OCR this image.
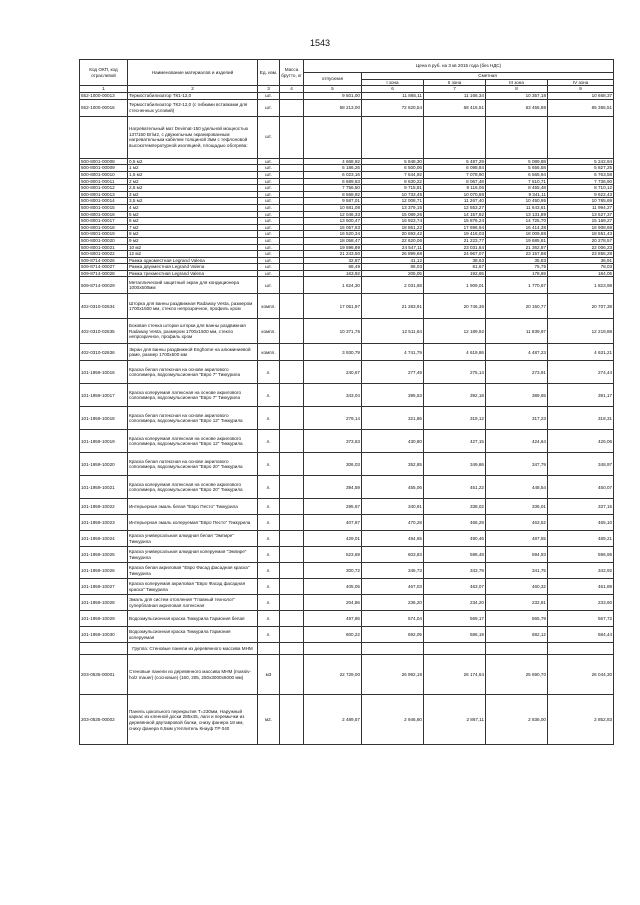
1543
Код ОКП, код отраслевой	Наименование материалов и изделий	Ед. изм.	Масса брутто, кг	Цена в руб. на 3 кв 2015 года (без НДС)				
				отпускная	Сметная			
					I зона	II зона	III зона	IV зона
1	2	3	4	5	6	7	8	9
552-1000-00013	Термостабилизатор ТК1-12,0	шт.		9 501,00	11 865,11	11 166,34	10 357,18	10 668,37
552-1000-00016	Термостабилизатор ТК2-12,0 (с гибкими вставками для стесненных условий)	шт.		58 213,00	72 620,54	68 416,51	63 456,88	65 365,51
	Нагревательный мат Devimat-150 удельной мощностью 137/150 Вт/м2, с двужильным экранированным нагревательным кабелем толщиной 3мм с тефлоновой высокотемпературной изоляцией, площадью обогрева:	шт.						
500-8001-00008	0,5 м2	шт.		4 668,92	5 848,30	5 487,29	5 089,88	5 242,94
500-8001-00009	1 м2	шт.		5 186,26	6 500,06	6 098,84	5 656,58	5 827,25
500-8001-00010	1,5 м2	шт.		6 023,16	7 544,92	7 078,90	6 565,94	6 763,58
500-8001-00011	2 м2	шт.		6 689,63	8 630,22	8 067,48	7 510,71	7 736,90
500-8001-00012	2,5 м2	шт.		7 756,50	9 715,81	9 116,06	8 455,48	8 710,12
500-8001-00013	3 м2	шт.		8 568,92	10 733,45	10 070,88	9 341,11	9 622,43
500-8001-00014	3,5 м2	шт.		9 587,01	12 008,71	11 267,40	10 450,95	10 765,69
500-8001-00015	4 м2	шт.		10 681,08	13 379,15	12 553,27	11 643,61	11 994,27
500-8001-00016	5 м2	шт.		12 046,33	15 089,26	14 157,82	13 131,89	13 527,37
500-8001-00017	6 м2	шт.		13 500,47	16 923,74	15 876,24	14 725,70	15 169,27
500-8001-00018	7 м2	шт.		15 057,63	18 861,22	17 696,94	16 414,38	16 908,69
500-8001-00019	8 м2	шт.		16 520,34	20 693,42	19 416,03	18 009,88	18 551,43
500-8001-00020	9 м2	шт.		18 058,47	22 620,06	21 223,77	19 685,81	20 278,57
500-8001-00021	10 м2	шт.		19 596,89	24 547,11	23 031,84	21 362,87	22 006,23
500-8001-00022	12 м2	шт.		21 243,50	26 899,68	24 967,07	23 157,88	23 855,28
509-8714-00026	Рамка одноместная Legrand Valena	шт.		32,87	41,12	38,63	35,83	36,91
509-8714-00027	Рамка двухместная Legrand Valena	шт.		68,49	86,03	81,67	75,75	78,03
509-8714-00028	Рамка трехместная Legrand Valena	шт.		163,92	205,05	192,65	178,69	184,05
509-8714-00029	Металлический защитный экран для кондиционера 1000х500мм	шт.		1 624,30	2 031,68	1 909,01	1 770,67	1 823,98
402-0310-02634	Шторка для ванны раздвижная Radaway Vesta, размером 1700х1500 мм, стекло непрозрачное, профиль хром	компл.		17 051,97	21 283,91	20 746,36	20 150,77	20 707,38
402-0310-02635	Боковая стенка шторки шторки для ванны раздвижная Radaway Vesta, размером 1700х1500 мм, стекло непрозрачное, профиль хром	компл.		10 371,75	12 511,64	12 189,92	11 839,97	12 219,88
402-0310-02636	Экран для ванны раздвижной Enghome на алюминиевой раме, размер 1700х500 мм	компл.		3 930,79	4 741,79	4 619,86	4 487,23	4 631,21
101-1959-10016	Краска белая латексная на основе акрилового сополимера, водоэмульсионная "Евро 7" Тиккурила	л.		240,67	277,49	275,14	273,91	274,44
101-1959-10017	Краска колеруемая латексная на основе акрилового сополимера, водоэмульсионная "Евро 7" Тиккурила	л.		343,04	395,53	392,18	389,65	391,17
101-1959-10018	Краска белая латексная на основе акрилового сополимера, водоэмульсионная "Евро 12" Тиккурила	л.		279,14	321,86	319,12	317,23	318,31
101-1959-10019	Краска колеруемая латексная на основе акрилового сополимера, водоэмульсионная "Евро 12" Тиккурила	л.		373,63	430,80	427,15	424,64	426,06
101-1959-10020	Краска белая латексная на основе акрилового сополимера, водоэмульсионная "Евро 20" Тиккурила	л.		306,03	352,85	349,86	347,79	348,97
101-1959-10021	Краска колеруемая латексная на основе акрилового сополимера, водоэмульсионная "Евро 20" Тиккурила	л.		394,59	455,06	451,22	448,54	450,07
101-1959-10022	Интерьерная эмаль белая "Евро Песто" Тиккурила	л.		295,67	340,91	338,02	336,01	337,15
101-1959-10023	Интерьерная эмаль колеруемая "Евро Песто" Тиккурила	л.		407,87	470,28	466,29	463,52	465,10
101-1959-10024	Краска универсальная алкидная белая "Эмпире" Тиккурила	л.		429,01	494,65	490,46	487,55	489,21
101-1959-10025	Краска универсальная алкидная колеруемая "Эмпире" Тиккурила	л.		523,69	603,83	598,48	594,93	596,95
101-1959-10026	Краска белая акриловая "Евро Фасад фасадная краска" Тиккурила	л.		300,72	346,73	343,79	341,75	342,92
101-1959-10027	Краска колеруемая акриловая "Евро Фасад фасадная краска" Тиккурила	л.		405,05	467,03	463,07	460,32	461,89
101-1959-10028	Эмаль для систем отопления "Главный технолог" суперблаtная акриловая латексная	л.		204,86	236,20	234,20	232,81	233,60
101-1959-10029	Водоэмульсионная краска Тиккурила Гармония белая	л.		497,86	574,04	569,17	565,79	567,72
101-1959-10030	Водоэмульсионная краска Тиккурила Гармония колеруемая	л.		600,22	692,05	686,19	682,12	684,44
	Группа: Стеновые панели из деревянного массива МНМ							
203-0535-00001	Стеновые панели из деревянного массива МНМ (massiv-holz mauer) (сосновые) (160, 205, 250х3000х6000 мм)	м3		22 729,00	26 992,18	26 174,64	25 690,70	26 044,30
203-0535-00002	Панель цокольного перекрытия Т=230мм, Наружный каркас из клееной доски 285х45, лаги и перемычки из деревянной двутавровой балки, снизу фанера 18 мм, сниху фанера 6,5мм утеплитель Кнауф ТР 040	м2.		2 489,57	2 946,60	2 867,11	2 836,00	2 852,83
